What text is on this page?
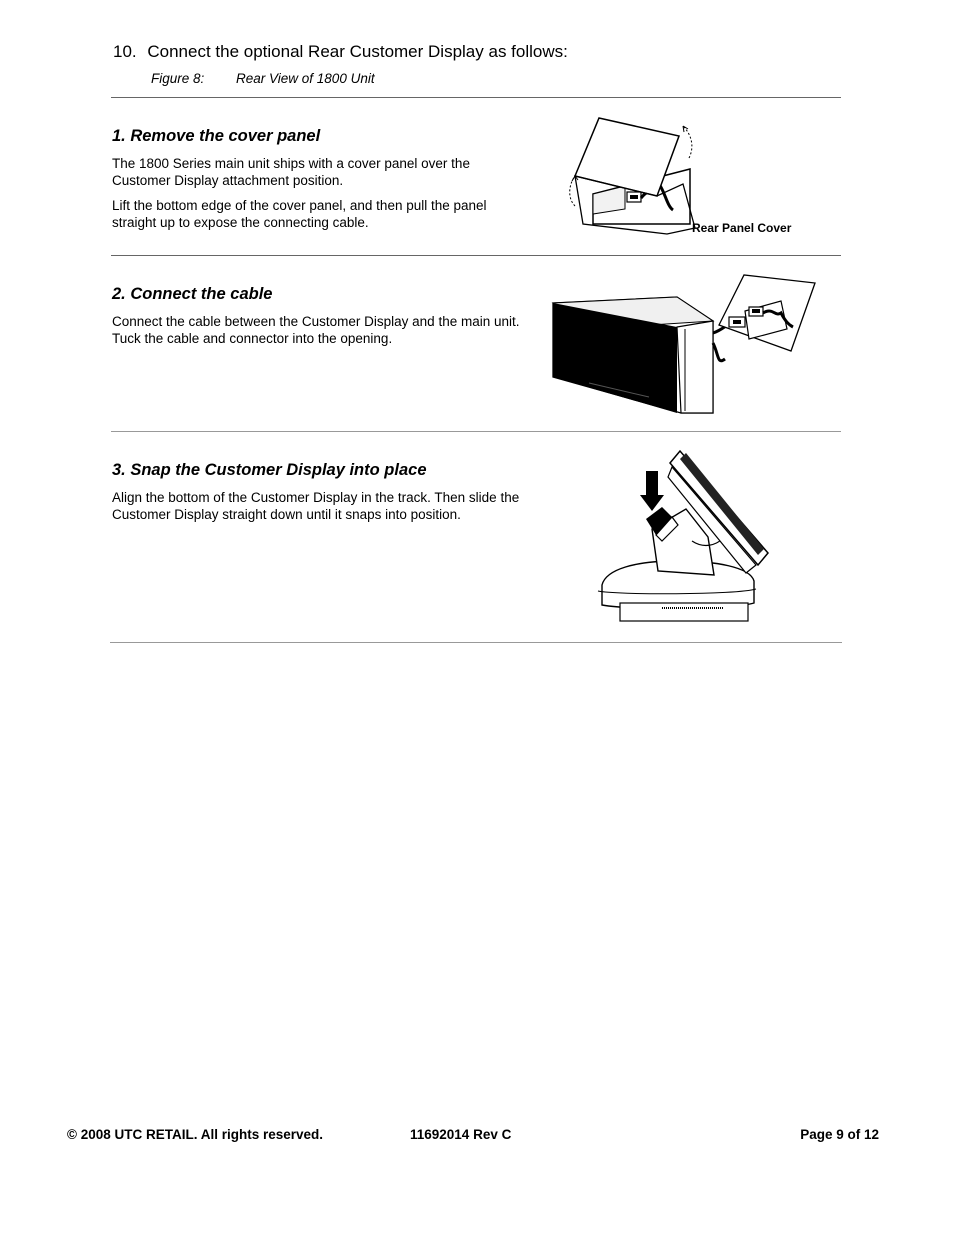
10. Connect the optional Rear Customer Display as follows:
Figure 8: Rear View of 1800 Unit
1. Remove the cover panel
The 1800 Series main unit ships with a cover panel over the Customer Display attachment position.
Lift the bottom edge of the cover panel, and then pull the panel straight up to expose the connecting cable.	Rear Panel Cover
2. Connect the cable
Connect the cable between the Customer Display and the main unit. Tuck the cable and connector into the opening.
3. Snap the Customer Display into place
Align the bottom of the Customer Display in the track. Then slide the Customer Display straight down until it snaps into position.
© 2008 UTC RETAIL. All rights reserved.	11692014 Rev C	Page 9 of 12
